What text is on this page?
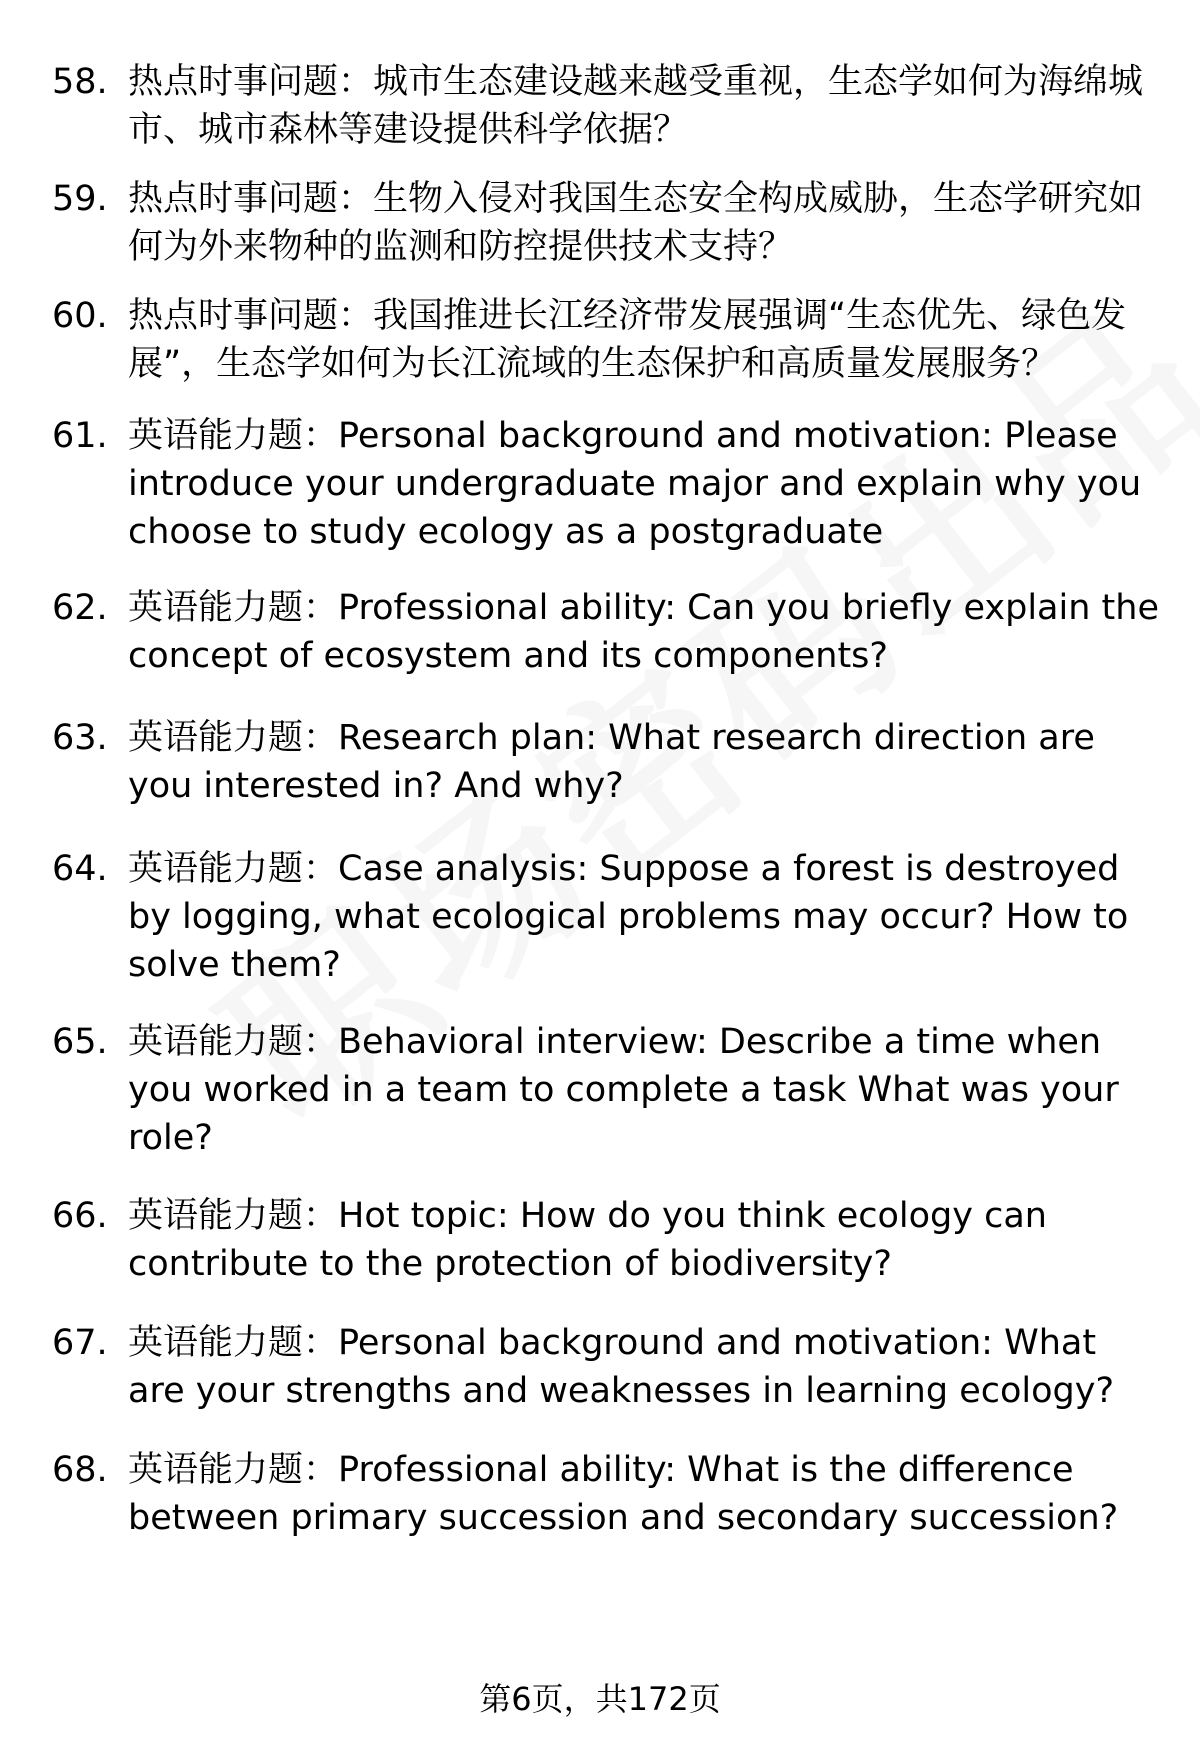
58. 热点时事问题：城市生态建设越来越受重视，生态学如何为海绵城市、城市森林等建设提供科学依据？
59. 热点时事问题：生物入侵对我国生态安全构成威胁，生态学研究如何为外来物种的监测和防控提供技术支持？
60. 热点时事问题：我国推进长江经济带发展强调“生态优先、绿色发展”，生态学如何为长江流域的生态保护和高质量发展服务？
61. 英语能力题：Personal background and motivation: Please introduce your undergraduate major and explain why you choose to study ecology as a postgraduate
62. 英语能力题：Professional ability: Can you briefly explain the concept of ecosystem and its components?
63. 英语能力题：Research plan: What research direction are you interested in? And why?
64. 英语能力题：Case analysis: Suppose a forest is destroyed by logging, what ecological problems may occur? How to solve them?
65. 英语能力题：Behavioral interview: Describe a time when you worked in a team to complete a task What was your role?
66. 英语能力题：Hot topic: How do you think ecology can contribute to the protection of biodiversity?
67. 英语能力题：Personal background and motivation: What are your strengths and weaknesses in learning ecology?
68. 英语能力题：Professional ability: What is the difference between primary succession and secondary succession?
第6页，共172页
